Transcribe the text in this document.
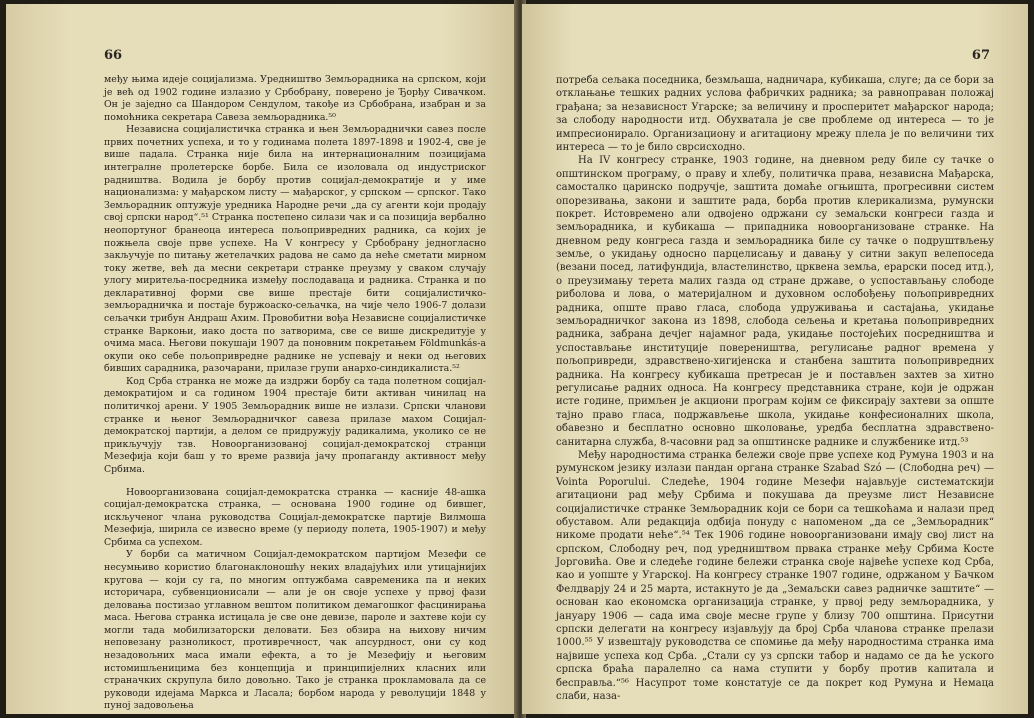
66

међу њима идеје социјализма. Уредништво Земљорадника на српском, који је већ од 1902 године излазио у Србобрану, поверено је Ђорђу Сивачком. Он је заједно са Шандором Сендулом, такође из Србобрана, изабран и за помоћника секретара Савеза земљорадника.⁵⁰

Независна социјалистичка странка и њен Земљораднички савез после првих почетних успеха, и то у годинама полета 1897-1898 и 1902-4, све је више падала. Странка није била на интернационалним позицијама интегралне пролетерске борбе. Била се изоловала од индустриског радништва. Водила је борбу против социјал-демократије и у име национализма: у мађарском листу — мађарског, у српском — српског. Тако Земљорадник оптужује уредника Народне речи „да су агенти који продају свој српски народ“.⁵¹ Странка постепено силази чак и са позиција вербално неопортуног бранеоца интереса пољопривредних радника, са којих је пожњела своје прве успехе. На V конгресу у Србобрану једногласно закључује по питању жетелачких радова не само да неће сметати мирном току жетве, већ да месни секретари странке преузму у сваком случају улогу миритеља-посредника између послодаваца и радника. Странка и по декларативној форми све више престаје бити социјалистичко-земљорадничка и постаје буржоаско-сељачка, на чије чело 1906-7 долази сељачки трибун Андраш Ахим. Провобитни вођа Независне социјалистичке странке Варкоњи, иако доста по затворима, све се више дискредитује у очима маса. Његови покушаји 1907 да поновним покретањем Földmunkás-а окупи око себе пољопривредне раднике не успевају и неки од његових бивших сарадника, разочарани, прилазе групи анархо-синдикалиста.⁵²

Код Срба странка не може да издржи борбу са тада полетном социјал-демократијом и са годином 1904 престаје бити активан чинилац на политичкој арени. У 1905 Земљорадник више не излази. Српски чланови странке и њеног Земљорадничког савеза прилазе махом Социјал-демократској партији, а делом се придружују радикалима, уколико се не прикључују тзв. Новоорганизованој социјал-демократској странци Мезефија који баш у то време развија јачу пропаганду активност међу Србима.

Новоорганизована социјал-демократска странка — касније 48-ашка социјал-демократска странка, — основана 1900 године од бившег, искљученог члана руководства Социјал-демократске партије Вилмоша Мезефија, ширила се извесно време (у периоду полета, 1905-1907) и међу Србима са успехом.

У борби са матичном Социјал-демократском партијом Мезефи се несумњиво користио благонаклоношћу неких владајућих или утицајнијих кругова — који су га, по многим оптужбама савременика па и неких историчара, субвенционисали — али је он своје успехе у првој фази деловања постизао углавном вештом политиком демагошког фасцинирања маса. Његова странка истицала је све оне девизе, пароле и захтеве који су могли тада мобилизаторски деловати. Без обзира на њихову ничим неповезану разноликост, противречност, чак апсурдност, они су код незадовољних маса имали ефекта, а то је Мезефију и његовим истомишљеницима без концепција и принципијелних класних или страначких скрупула било довољно. Тако је странка прокламовала да се руководи идејама Маркса и Ласала; борбом народа у револуцији 1848 у пуној задовољења

67

потреба сељака поседника, безмљаша, надничара, кубикаша, слуге; да се бори за отклањање тешких радних услова фабричких радника; за равноправан положај грађана; за независност Угарске; за величину и просперитет мађарског народа; за слободу народности итд. Обухватала је све проблеме од интереса — то је импресионирало. Организациону и агитациону мрежу плела је по величини тих интереса — то је било сврсисходно.

На IV конгресу странке, 1903 године, на дневном реду биле су тачке о општинском програму, о праву и хлебу, политичка права, независна Мађарска, самосталко царинско подручје, заштита домаће огњишта, прогресивни систем опорезивања, закони и заштите рада, борба против клерикализма, румунски покрет. Истовремено али одвојено одржани су земаљски конгреси газда и земљорадника, и кубикаша — припадника новоорганизоване странке. На дневном реду конгреса газда и земљорадника биле су тачке о подруштвљењу земље, о укидању односно парцелисању и давању у ситни закуп велепоседа (везани посед, латифундија, властелинство, црквена земља, ерарски посед итд.), о преузимању терета малих газда од стране државе, о успостављању слободе риболова и лова, о материјалном и духовном ослобођењу пољопривредних радника, опште право гласа, слобода удруживања и састајања, укидање земљорадничког закона из 1898, слобода сељења и кретања пољопривредних радника, забрана дечјег најамног рада, укидање постојећих посредништва и успостављање институције повереништва, регулисање радног времена у пољопривреди, здравствено-хигијенска и станбена заштита пољопривредних радника. На конгресу кубикаша претресан је и постављен захтев за хитно регулисање радних односа. На конгресу представника стране, који је одржан исте године, примљен је акциони програм којим се фиксирају захтеви за опште тајно право гласа, подржављење школа, укидање конфесионалних школа, обавезно и бесплатно основно школовање, уредба бесплатна здравствено-санитарна служба, 8-часовни рад за општинске раднике и службенике итд.⁵³

Међу народностима странка бележи своје прве успехе код Румуна 1903 и на румунском језику излази пандан органа странке Szabad Szó — (Слободна реч) — Vointa Poporului. Следеће, 1904 године Мезефи најављује систематскији агитациони рад међу Србима и покушава да преузме лист Независне социјалистичке странке Земљорадник који се бори са тешкоћама и налази пред обуставом. Али редакција одбија понуду с напоменом „да се „Земљорадник“ никоме продати неће“.⁵⁴ Тек 1906 године новоорганизовани имају свој лист на српском, Слободну реч, под уредништвом првака странке међу Србима Косте Јорговића. Ове и следеће године бележи странка своје највеће успехе код Срба, као и уопште у Угарској. На конгресу странке 1907 године, одржаном у Бачком Фелдварју 24 и 25 марта, истакнуто је да „Земаљски савез радничке заштите“ — основан као економска организација странке, у првој реду земљорадника, у јануару 1906 — сада има своје месне групе у близу 700 општина. Присутни српски делегати на конгресу изјављују да број Срба чланова странке прелази 1000.⁵⁵ У извештају руководства се спомиње да међу народностима странка има највише успеха код Срба. „Стали су уз српски табор и надамо се да ће уского српска браћа паралелно са нама ступити у борбу против капитала и бесправља.“⁵⁶ Насупрот томе констатује се да покрет код Румуна и Немаца слаби, наза-
